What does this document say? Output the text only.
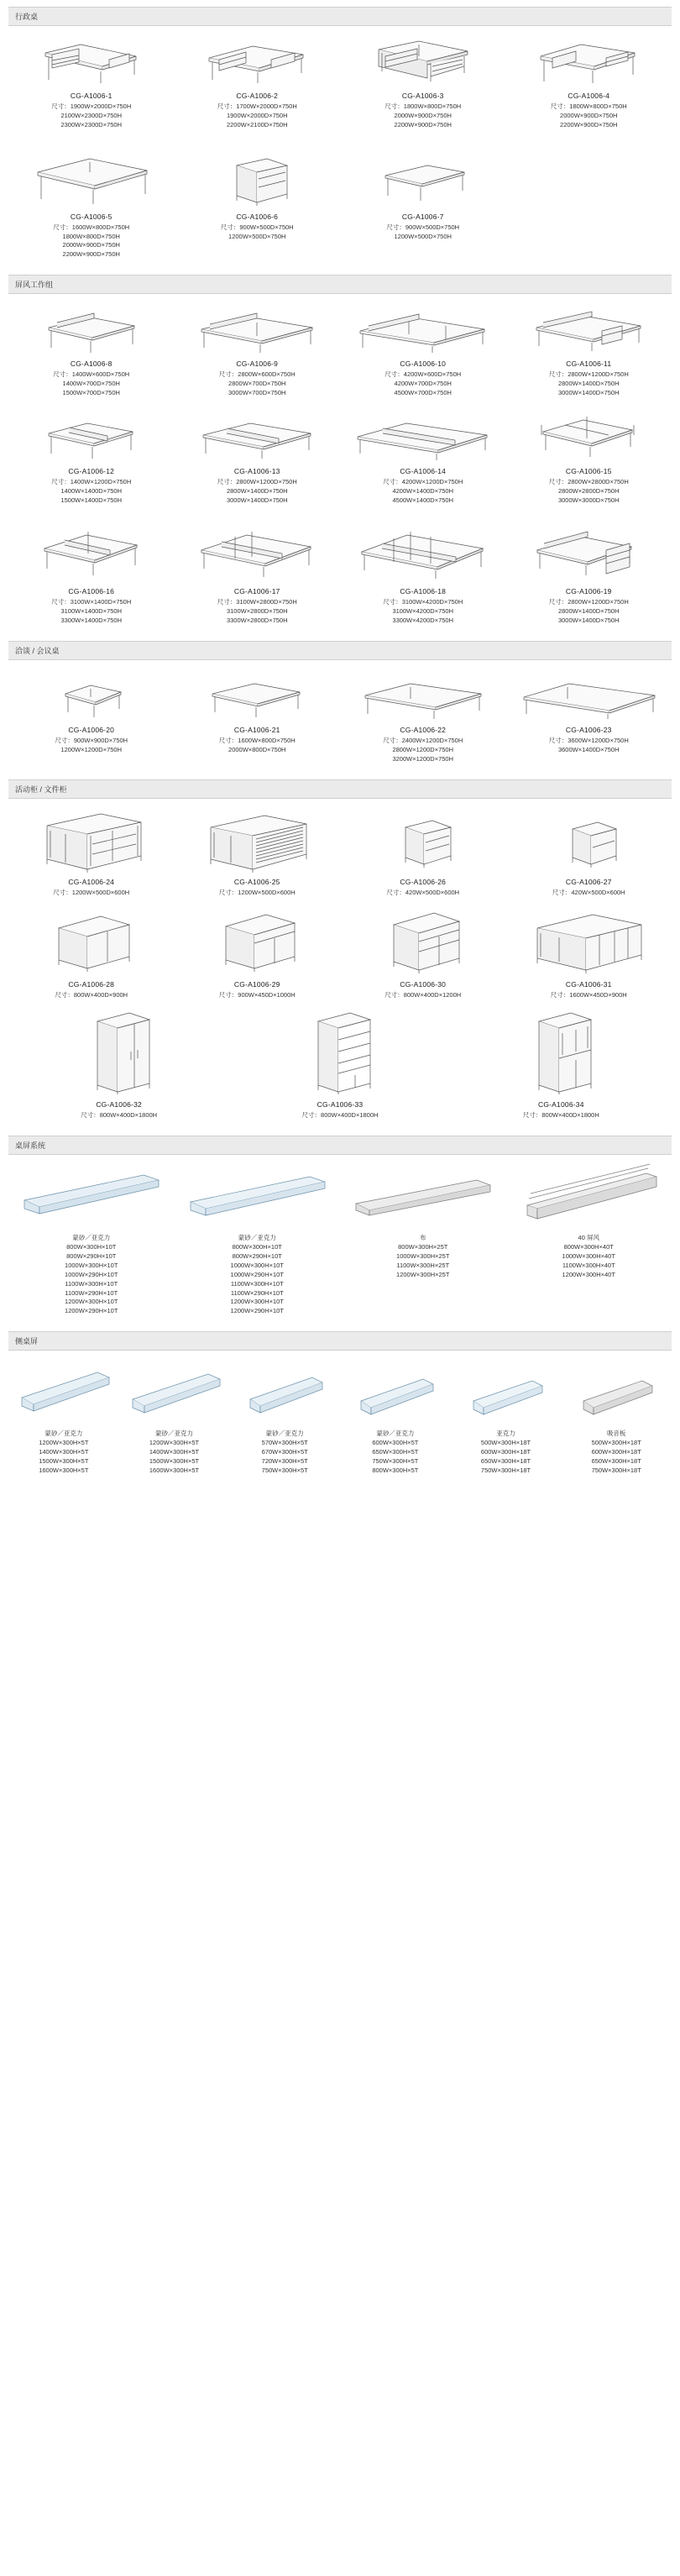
行政桌
CG-A1006-1
尺寸：1900W×2000D×750H
2100W×2300D×750H
2300W×2300D×750H
CG-A1006-2
尺寸：1700W×2000D×750H
1900W×2000D×750H
2200W×2100D×750H
CG-A1006-3
尺寸：1800W×800D×750H
2000W×900D×750H
2200W×900D×750H
CG-A1006-4
尺寸：1800W×800D×750H
2000W×900D×750H
2200W×900D×750H
CG-A1006-5
尺寸：1600W×800D×750H
1800W×800D×750H
2000W×900D×750H
2200W×900D×750H
CG-A1006-6
尺寸：900W×500D×750H
1200W×500D×750H
CG-A1006-7
尺寸：900W×500D×750H
1200W×500D×750H
屏风工作组
CG-A1006-8
尺寸：1400W×600D×750H
1400W×700D×750H
1500W×700D×750H
CG-A1006-9
尺寸：2800W×600D×750H
2800W×700D×750H
3000W×700D×750H
CG-A1006-10
尺寸：4200W×600D×750H
4200W×700D×750H
4500W×700D×750H
CG-A1006-11
尺寸：2800W×1200D×750H
2800W×1400D×750H
3000W×1400D×750H
CG-A1006-12
尺寸：1400W×1200D×750H
1400W×1400D×750H
1500W×1400D×750H
CG-A1006-13
尺寸：2800W×1200D×750H
2800W×1400D×750H
3000W×1400D×750H
CG-A1006-14
尺寸：4200W×1200D×750H
4200W×1400D×750H
4500W×1400D×750H
CG-A1006-15
尺寸：2800W×2800D×750H
2800W×2800D×750H
3000W×3000D×750H
CG-A1006-16
尺寸：3100W×1400D×750H
3100W×1400D×750H
3300W×1400D×750H
CG-A1006-17
尺寸：3100W×2800D×750H
3100W×2800D×750H
3300W×2800D×750H
CG-A1006-18
尺寸：3100W×4200D×750H
3100W×4200D×750H
3300W×4200D×750H
CG-A1006-19
尺寸：2800W×1200D×750H
2800W×1400D×750H
3000W×1400D×750H
洽谈 / 会议桌
CG-A1006-20
尺寸：900W×900D×750H
1200W×1200D×750H
CG-A1006-21
尺寸：1600W×800D×750H
2000W×800D×750H
CG-A1006-22
尺寸：2400W×1200D×750H
2800W×1200D×750H
3200W×1200D×750H
CG-A1006-23
尺寸：3600W×1200D×750H
3600W×1400D×750H
活动柜 / 文件柜
CG-A1006-24
尺寸：1200W×500D×600H
CG-A1006-25
尺寸：1200W×500D×600H
CG-A1006-26
尺寸：420W×500D×600H
CG-A1006-27
尺寸：420W×500D×600H
CG-A1006-28
尺寸：800W×400D×900H
CG-A1006-29
尺寸：900W×450D×1000H
CG-A1006-30
尺寸：800W×400D×1200H
CG-A1006-31
尺寸：1600W×450D×900H
CG-A1006-32
尺寸：800W×400D×1800H
CG-A1006-33
尺寸：800W×400D×1800H
CG-A1006-34
尺寸：800W×400D×1800H
桌屏系统
蒙砂／亚克力
800W×300H×10T
800W×290H×10T
1000W×300H×10T
1000W×290H×10T
1100W×300H×10T
1100W×290H×10T
1200W×300H×10T
1200W×290H×10T
蒙砂／亚克力
800W×300H×10T
800W×290H×10T
1000W×300H×10T
1000W×290H×10T
1100W×300H×10T
1100W×290H×10T
1200W×300H×10T
1200W×290H×10T
布
800W×300H×25T
1000W×300H×25T
1100W×300H×25T
1200W×300H×25T
40 屏风
800W×300H×40T
1000W×300H×40T
1100W×300H×40T
1200W×300H×40T
侧桌屏
蒙砂／亚克力
1200W×300H×5T
1400W×300H×5T
1500W×300H×5T
1600W×300H×5T
蒙砂／亚克力
1200W×300H×5T
1400W×300H×5T
1500W×300H×5T
1600W×300H×5T
蒙砂／亚克力
570W×300H×5T
670W×300H×5T
720W×300H×5T
750W×300H×5T
蒙砂／亚克力
600W×300H×5T
650W×300H×5T
750W×300H×5T
800W×300H×5T
亚克力
500W×300H×18T
600W×300H×18T
650W×300H×18T
750W×300H×18T
吸音板
500W×300H×18T
600W×300H×18T
650W×300H×18T
750W×300H×18T
